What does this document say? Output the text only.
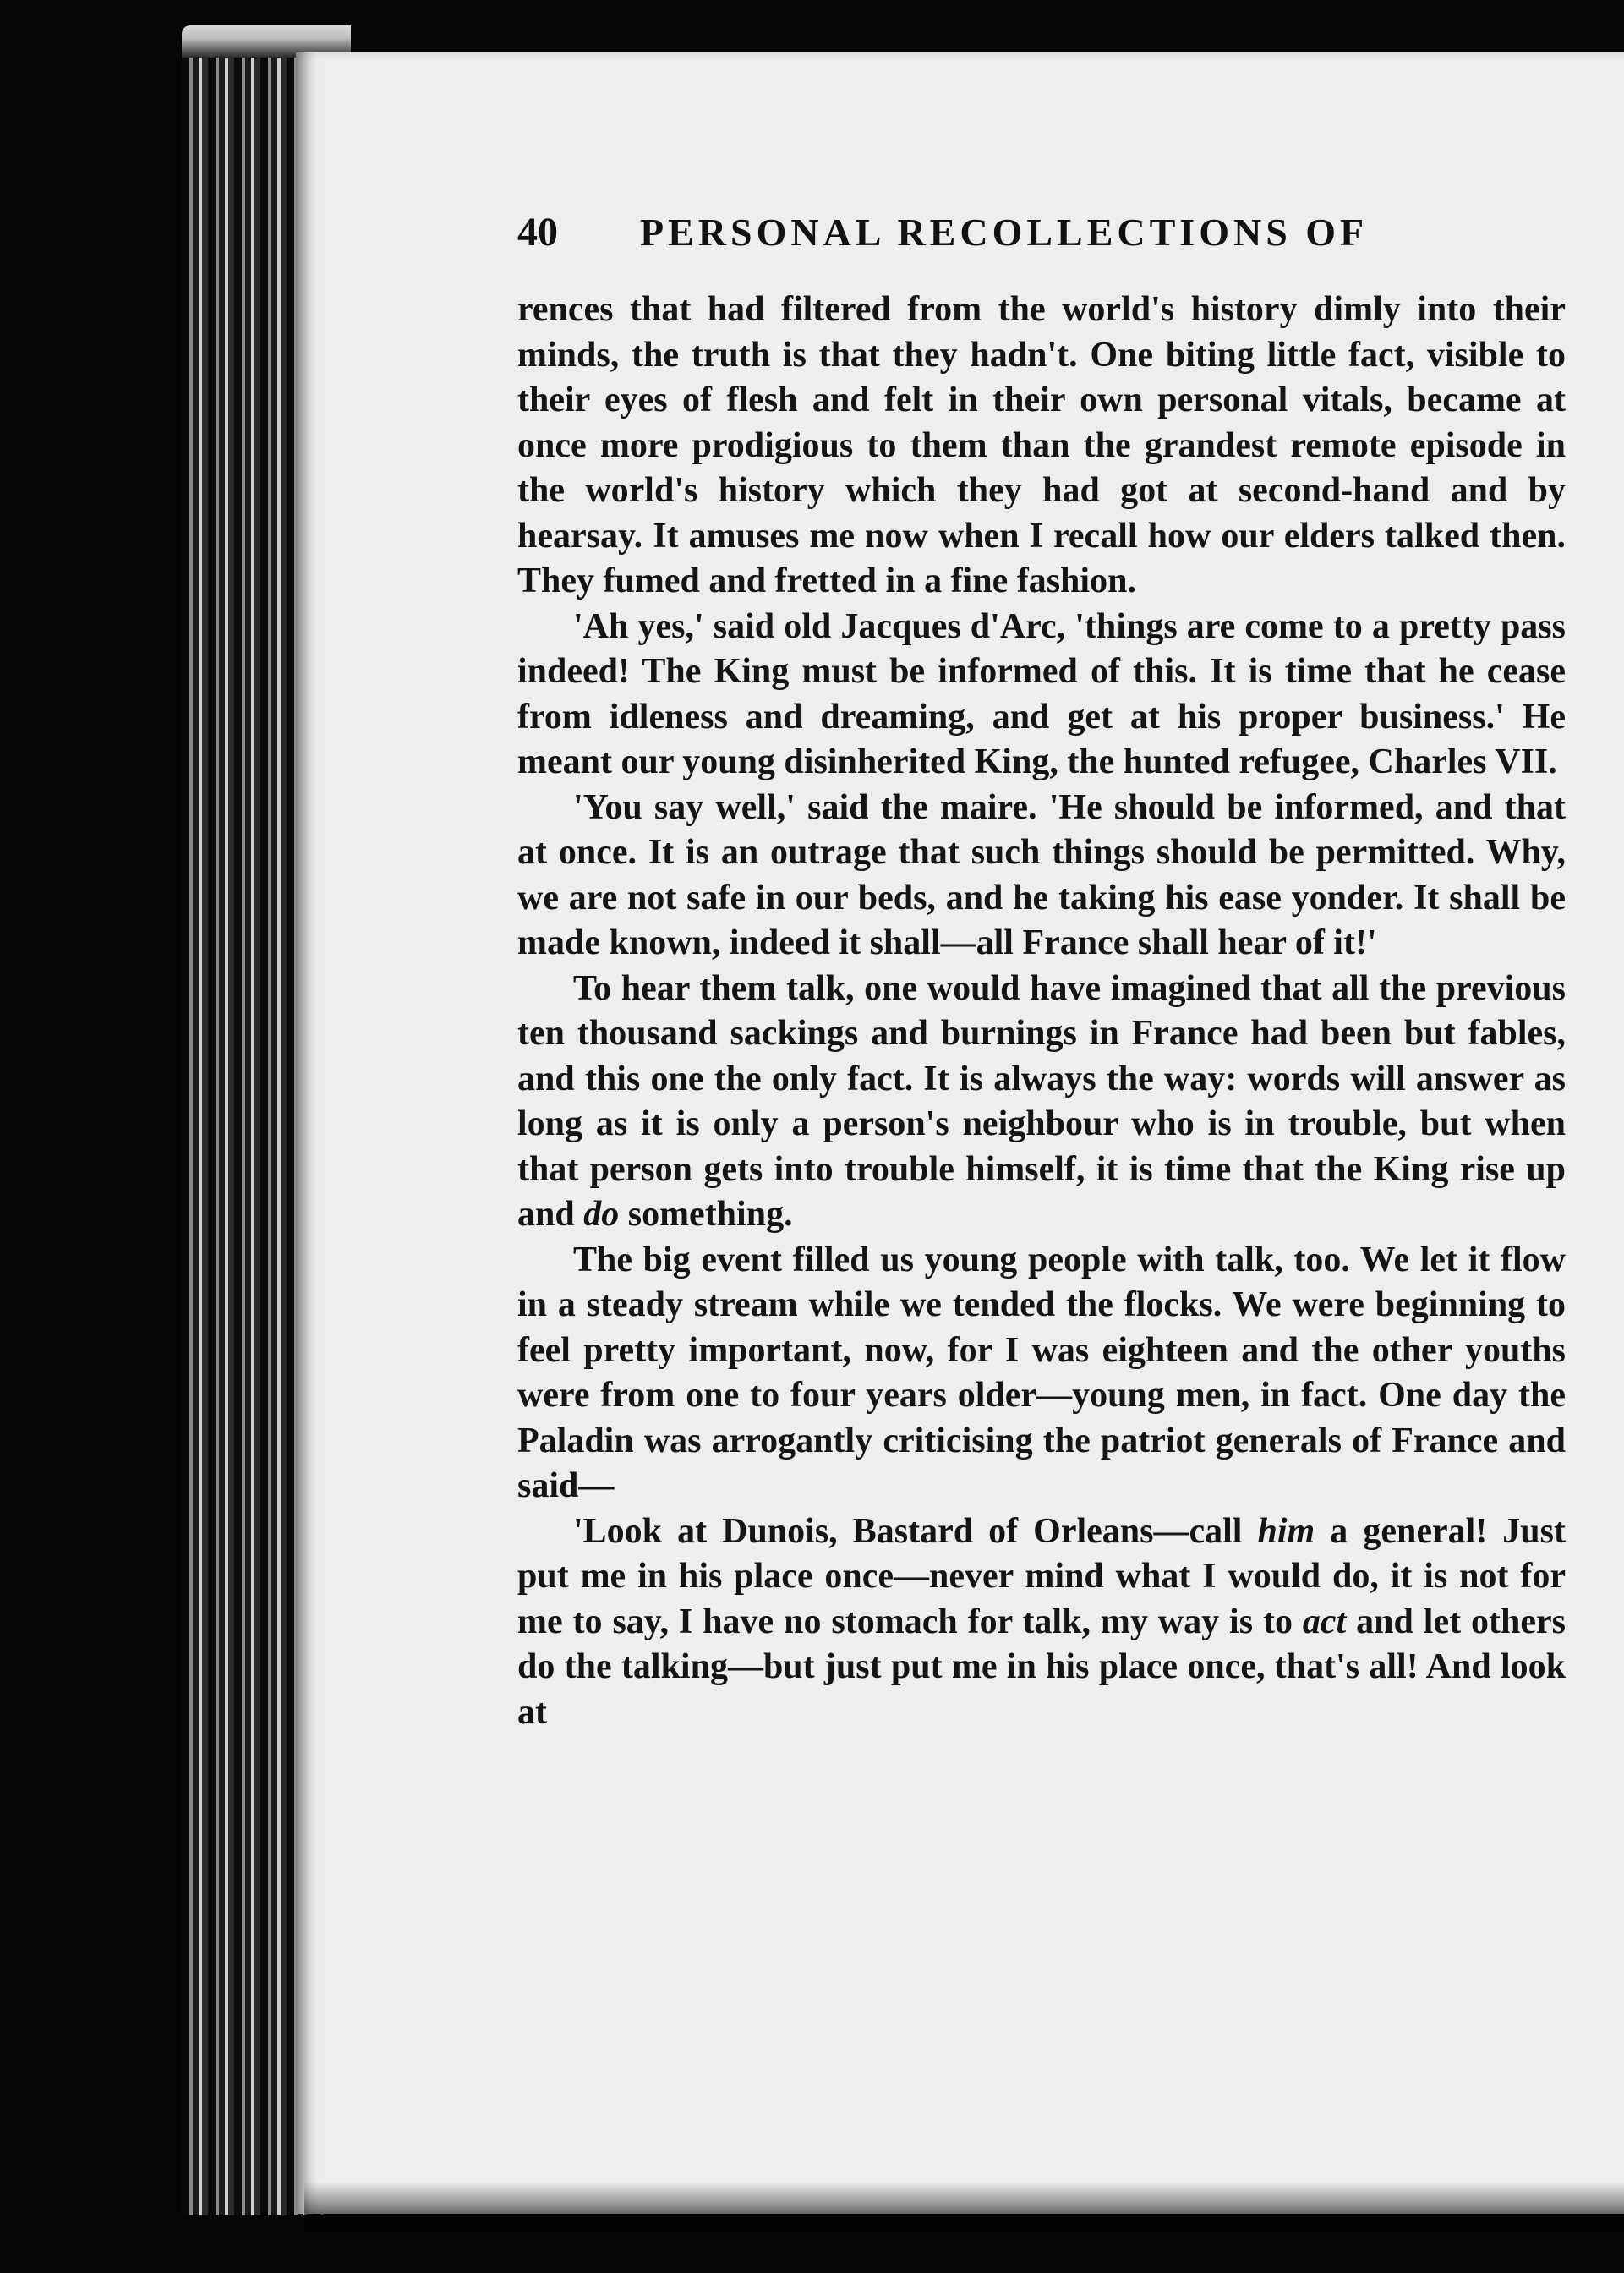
40 PERSONAL RECOLLECTIONS OF

rences that had filtered from the world's history dimly into their minds, the truth is that they hadn't. One biting little fact, visible to their eyes of flesh and felt in their own personal vitals, became at once more prodigious to them than the grandest remote episode in the world's history which they had got at second-hand and by hearsay. It amuses me now when I recall how our elders talked then. They fumed and fretted in a fine fashion.

'Ah yes,' said old Jacques d'Arc, 'things are come to a pretty pass indeed! The King must be informed of this. It is time that he cease from idleness and dreaming, and get at his proper business.' He meant our young disinherited King, the hunted refugee, Charles VII.

'You say well,' said the maire. 'He should be informed, and that at once. It is an outrage that such things should be permitted. Why, we are not safe in our beds, and he taking his ease yonder. It shall be made known, indeed it shall—all France shall hear of it!'

To hear them talk, one would have imagined that all the previous ten thousand sackings and burnings in France had been but fables, and this one the only fact. It is always the way: words will answer as long as it is only a person's neighbour who is in trouble, but when that person gets into trouble himself, it is time that the King rise up and do something.

The big event filled us young people with talk, too. We let it flow in a steady stream while we tended the flocks. We were beginning to feel pretty important, now, for I was eighteen and the other youths were from one to four years older—young men, in fact. One day the Paladin was arrogantly criticising the patriot generals of France and said—

'Look at Dunois, Bastard of Orleans—call him a general! Just put me in his place once—never mind what I would do, it is not for me to say, I have no stomach for talk, my way is to act and let others do the talking—but just put me in his place once, that's all! And look at
